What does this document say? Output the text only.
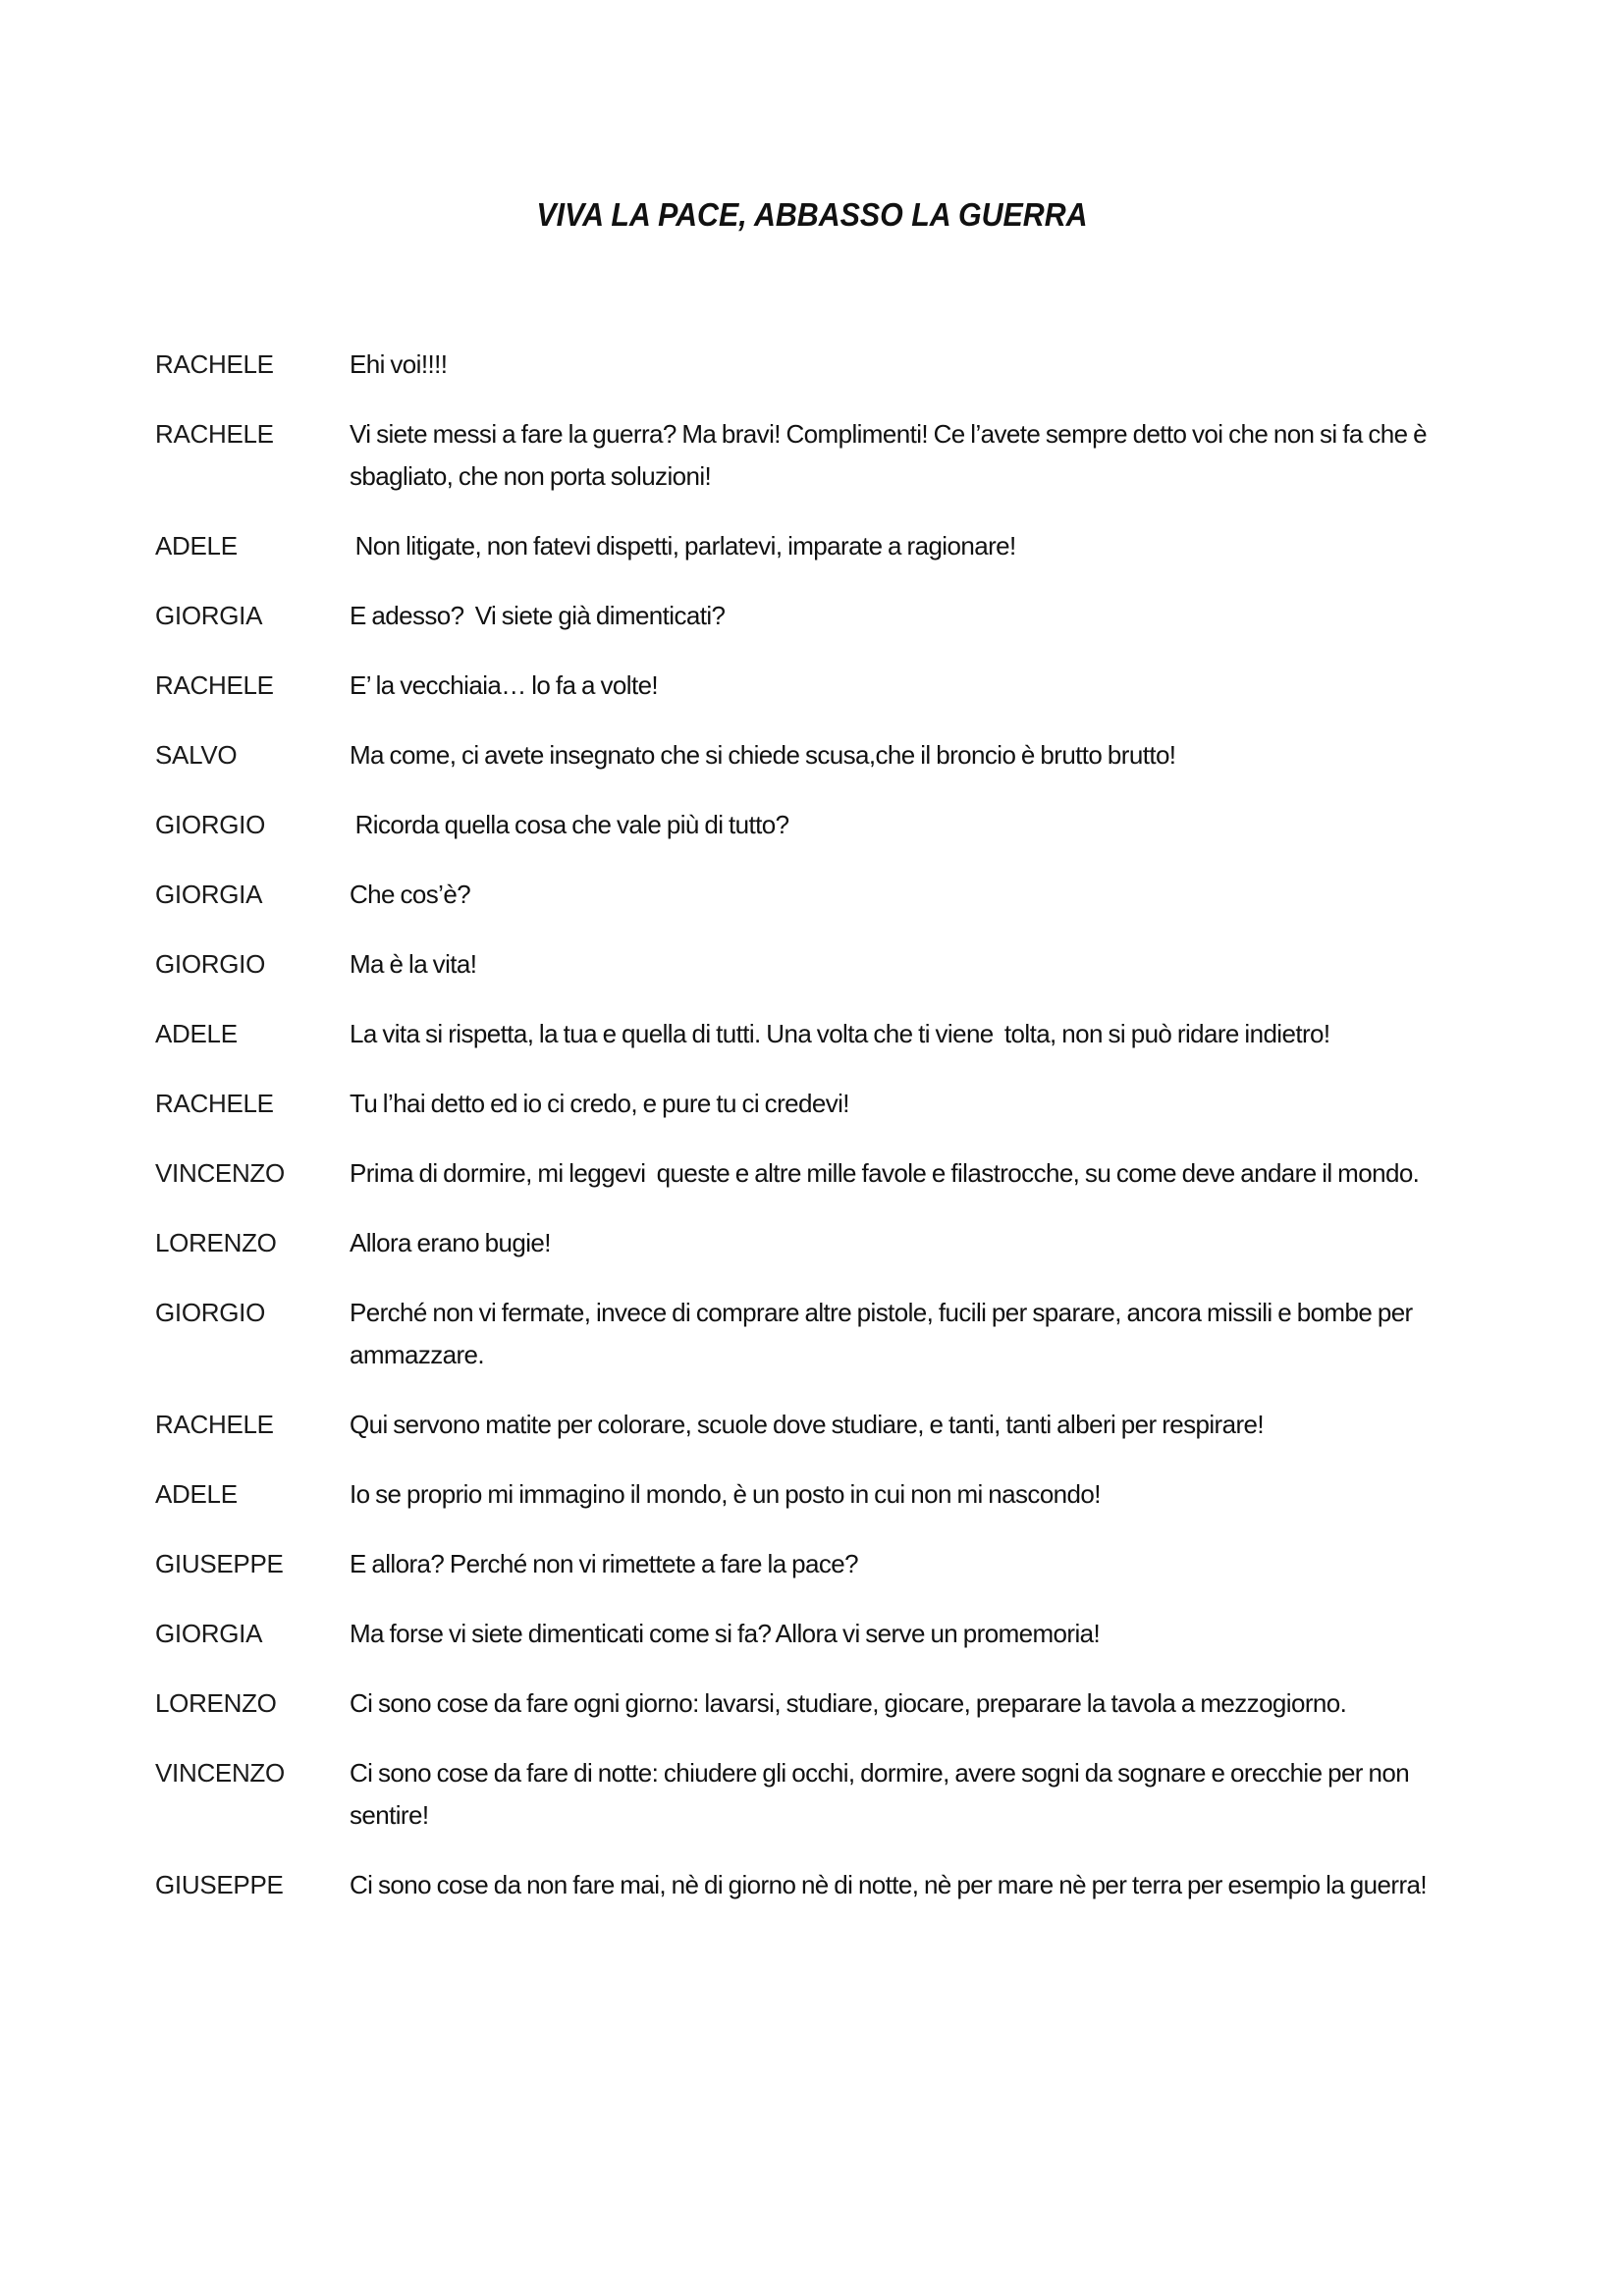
VIVA LA PACE, ABBASSO LA GUERRA
RACHELE	Ehi voi!!!!
RACHELE	Vi siete messi a fare la guerra? Ma bravi! Complimenti! Ce l’avete sempre detto voi che non si fa che è  sbagliato, che non porta soluzioni!
ADELE	Non litigate, non fatevi dispetti, parlatevi, imparate a ragionare!
GIORGIA	E adesso?  Vi siete già dimenticati?
RACHELE	E’ la vecchiaia… lo fa a volte!
SALVO	Ma come, ci avete insegnato che si chiede scusa,che il broncio è brutto brutto!
GIORGIO	Ricorda quella cosa che vale più di tutto?
GIORGIA	Che cos’è?
GIORGIO	Ma è la vita!
ADELE	La vita si rispetta, la tua e quella di tutti. Una volta che ti viene  tolta, non si può ridare indietro!
RACHELE	Tu l’hai detto ed io ci credo, e pure tu ci credevi!
VINCENZO	Prima di dormire, mi leggevi  queste e altre mille favole e filastrocche, su come deve andare il mondo.
LORENZO	Allora erano bugie!
GIORGIO	Perché non vi fermate, invece di comprare altre pistole, fucili per sparare, ancora missili e bombe per ammazzare.
RACHELE	Qui servono matite per colorare, scuole dove studiare, e tanti, tanti alberi per respirare!
ADELE	Io se proprio mi immagino il mondo, è un posto in cui non mi nascondo!
GIUSEPPE	E allora? Perché non vi rimettete a fare la pace?
GIORGIA	Ma forse vi siete dimenticati come si fa? Allora vi serve un promemoria!
LORENZO	Ci sono cose da fare ogni giorno: lavarsi, studiare, giocare, preparare la tavola a mezzogiorno.
VINCENZO	Ci sono cose da fare di notte: chiudere gli occhi, dormire, avere sogni da sognare e orecchie per non sentire!
GIUSEPPE	Ci sono cose da non fare mai, nè di giorno nè di notte, nè per mare nè per terra per esempio la guerra!
